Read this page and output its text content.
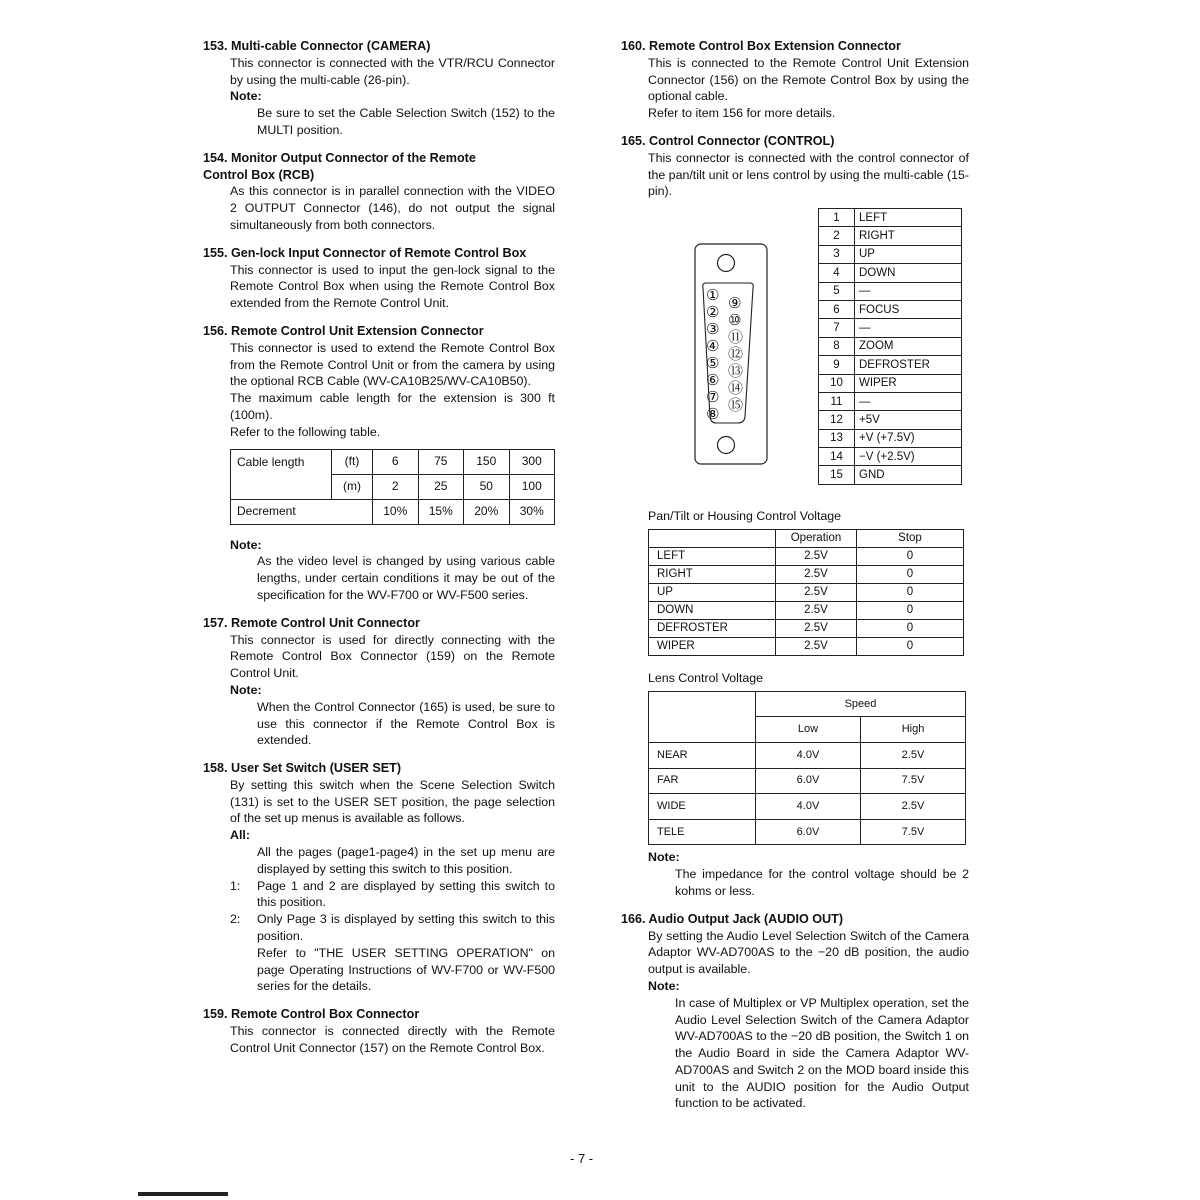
153. Multi-cable Connector (CAMERA)
This connector is connected with the VTR/RCU Connector by using the multi-cable (26-pin).
Note:
Be sure to set the Cable Selection Switch (152) to the MULTI position.
154. Monitor Output Connector of the Remote Control Box (RCB)
As this connector is in parallel connection with the VIDEO 2 OUTPUT Connector (146), do not output the signal simultaneously from both connectors.
155. Gen-lock Input Connector of Remote Control Box
This connector is used to input the gen-lock signal to the Remote Control Box when using the Remote Control Box extended from the Remote Control Unit.
156. Remote Control Unit Extension Connector
This connector is used to extend the Remote Control Box from the Remote Control Unit or from the camera by using the optional RCB Cable (WV-CA10B25/WV-CA10B50).
The maximum cable length for the extension is 300 ft (100m).
Refer to the following table.
Cable length	(ft)	6	75	150	300
	(m)	2	25	50	100
Decrement		10%	15%	20%	30%
Note:
As the video level is changed by using various cable lengths, under certain conditions it may be out of the specification for the WV-F700 or WV-F500 series.
157. Remote Control Unit Connector
This connector is used for directly connecting with the Remote Control Box Connector (159) on the Remote Control Unit.
Note:
When the Control Connector (165) is used, be sure to use this connector if the Remote Control Box is extended.
158. User Set Switch (USER SET)
By setting this switch when the Scene Selection Switch (131) is set to the USER SET position, the page selection of the set up menus is available as follows.
All:
All the pages (page1-page4) in the set up menu are displayed by setting this switch to this position.
1:	Page 1 and 2 are displayed by setting this switch to this position.
2:	Only Page 3 is displayed by setting this switch to this position.
Refer to "THE USER SETTING OPERATION" on page Operating Instructions of WV-F700 or WV-F500 series for the details.
159. Remote Control Box Connector
This connector is connected directly with the Remote Control Unit Connector (157) on the Remote Control Box.
160. Remote Control Box Extension Connector
This is connected to the Remote Control Unit Extension Connector (156) on the Remote Control Box by using the optional cable.
Refer to item 156 for more details.
165. Control Connector (CONTROL)
This connector is connected with the control connector of the pan/tilt unit or lens control by using the multi-cable (15-pin).
Pan/Tilt or Housing Control Voltage
	Operation	Stop
LEFT	2.5V	0
RIGHT	2.5V	0
UP	2.5V	0
DOWN	2.5V	0
DEFROSTER	2.5V	0
WIPER	2.5V	0
Lens Control Voltage
	Speed	
	Low	High
NEAR	4.0V	2.5V
FAR	6.0V	7.5V
WIDE	4.0V	2.5V
TELE	6.0V	7.5V
Note:
The impedance for the control voltage should be 2 kohms or less.
166. Audio Output Jack (AUDIO OUT)
By setting the Audio Level Selection Switch of the Camera Adaptor WV-AD700AS to the −20 dB position, the audio output is available.
Note:
In case of Multiplex or VP Multiplex operation, set the Audio Level Selection Switch of the Camera Adaptor WV-AD700AS to the −20 dB position, the Switch 1 on the Audio Board in side the Camera Adaptor WV-AD700AS and Switch 2 on the MOD board inside this unit to the AUDIO position for the Audio Output function to be activated.
①
②
③
④
⑤
⑥
⑦
⑧
⑨
⑩
⑪
⑫
⑬
⑭
⑮
1	LEFT
2	RIGHT
3	UP
4	DOWN
5	—
6	FOCUS
7	—
8	ZOOM
9	DEFROSTER
10	WIPER
11	—
12	+5V
13	+V (+7.5V)
14	−V (+2.5V)
15	GND
- 7 -
